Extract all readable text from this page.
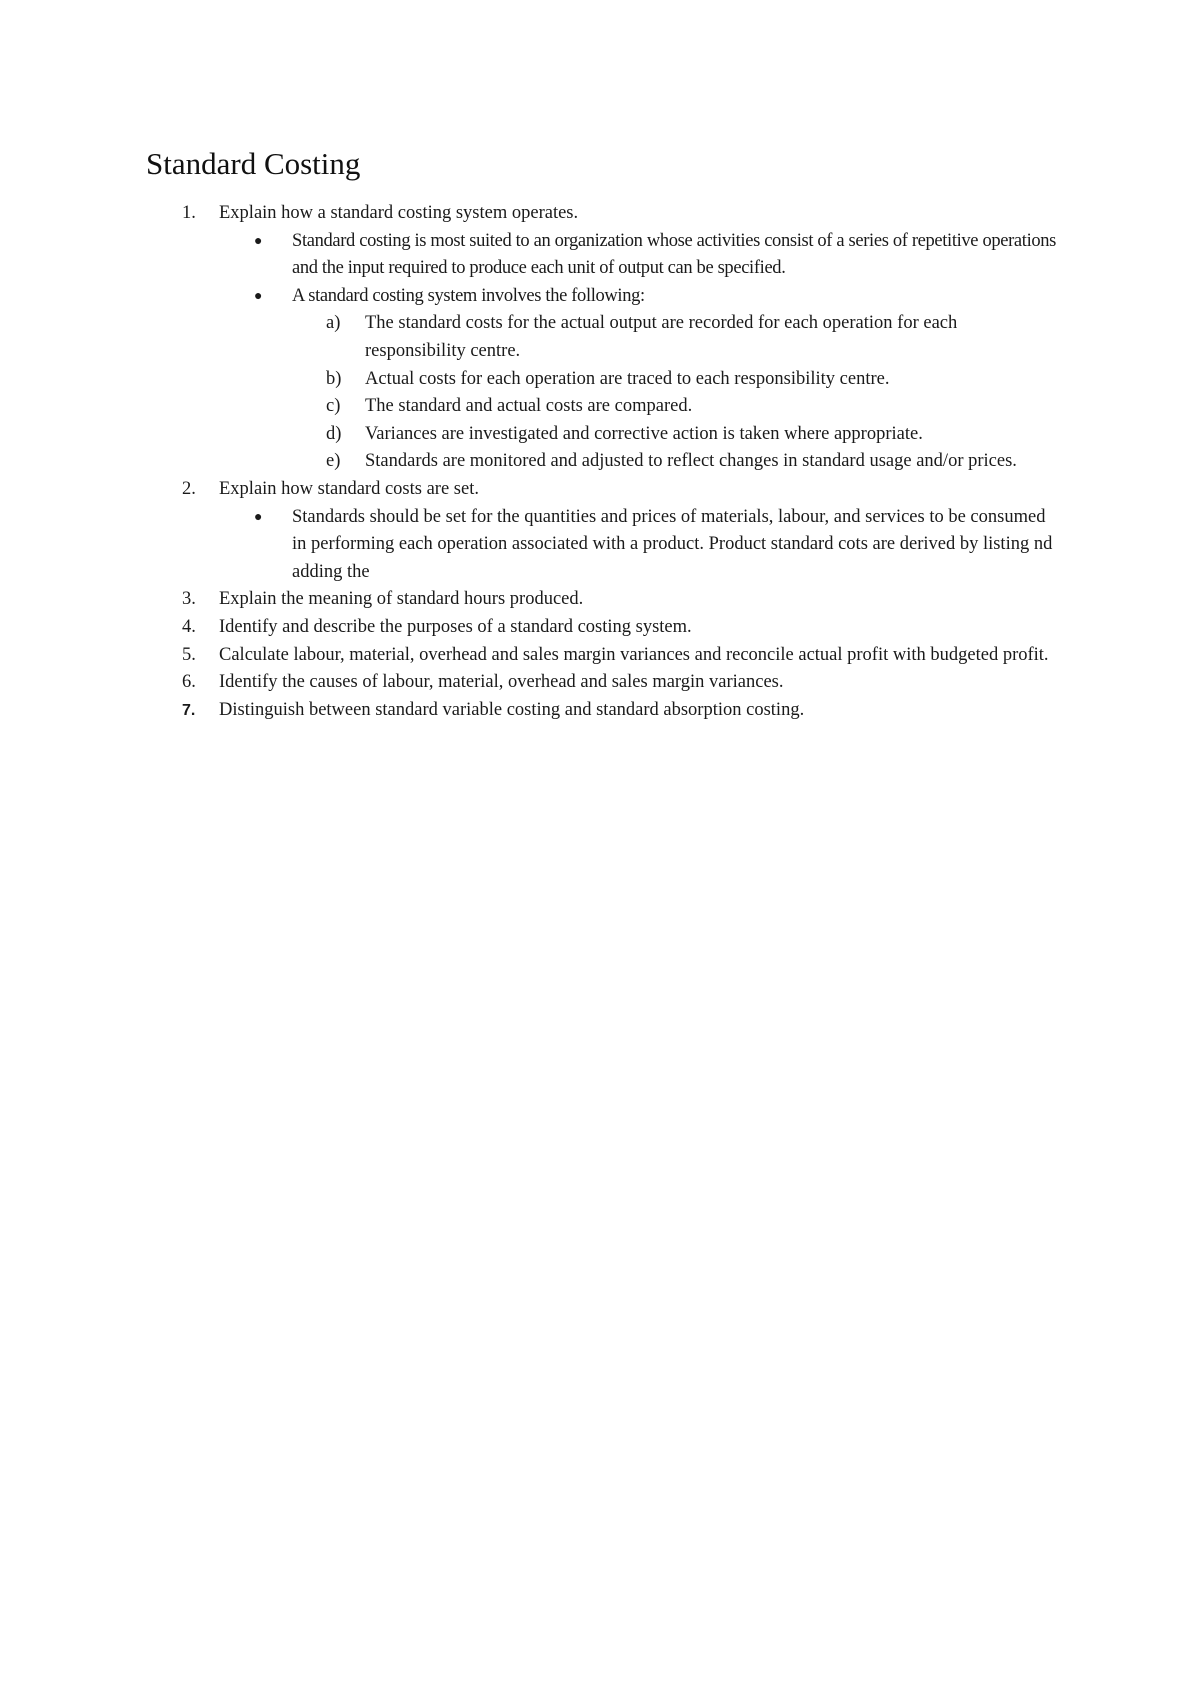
Standard Costing
1. Explain how a standard costing system operates.
● Standard costing is most suited to an organization whose activities consist of a series of repetitive operations and the input required to produce each unit of output can be specified.
● A standard costing system involves the following:
a) The standard costs for the actual output are recorded for each operation for each responsibility centre.
b) Actual costs for each operation are traced to each responsibility centre.
c) The standard and actual costs are compared.
d) Variances are investigated and corrective action is taken where appropriate.
e) Standards are monitored and adjusted to reflect changes in standard usage and/or prices.
2. Explain how standard costs are set.
● Standards should be set for the quantities and prices of materials, labour, and services to be consumed in performing each operation associated with a product. Product standard cots are derived by listing nd adding the
3. Explain the meaning of standard hours produced.
4. Identify and describe the purposes of a standard costing system.
5. Calculate labour, material, overhead and sales margin variances and reconcile actual profit with budgeted profit.
6. Identify the causes of labour, material, overhead and sales margin variances.
7. Distinguish between standard variable costing and standard absorption costing.
